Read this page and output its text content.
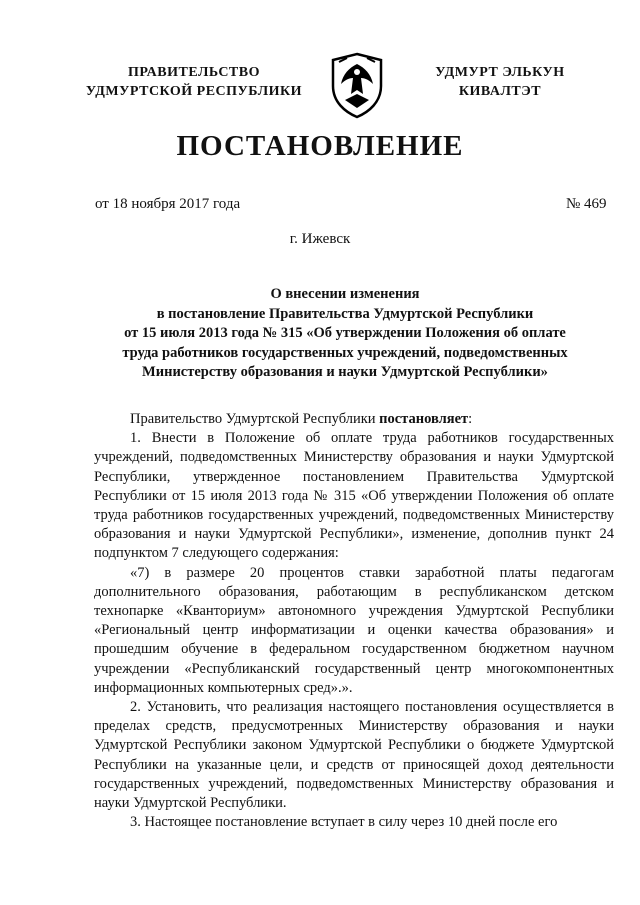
ПРАВИТЕЛЬСТВО
УДМУРТСКОЙ РЕСПУБЛИКИ
УДМУРТ ЭЛЬКУН
КИВАЛТЭТ
ПОСТАНОВЛЕНИЕ
от 18 ноября 2017 года	№ 469
г. Ижевск
О внесении изменения
в постановление Правительства Удмуртской Республики
от 15 июля 2013 года № 315 «Об утверждении Положения об оплате
труда работников государственных учреждений, подведомственных
Министерству образования и науки Удмуртской Республики»

Правительство Удмуртской Республики постановляет:

1. Внести в Положение об оплате труда работников государственных учреждений, подведомственных Министерству образования и науки Удмуртской Республики, утвержденное постановлением Правительства Удмуртской Республики от 15 июля 2013 года № 315 «Об утверждении Положения об оплате труда работников государственных учреждений, подведомственных Министерству образования и науки Удмуртской Республики», изменение, дополнив пункт 24 подпунктом 7 следующего содержания:

«7) в размере 20 процентов ставки заработной платы педагогам дополнительного образования, работающим в республиканском детском технопарке «Кванториум» автономного учреждения Удмуртской Республики «Региональный центр информатизации и оценки качества образования» и прошедшим обучение в федеральном государственном бюджетном научном учреждении «Республиканский государственный центр многокомпонентных информационных компьютерных сред».».

2. Установить, что реализация настоящего постановления осуществляется в пределах средств, предусмотренных Министерству образования и науки Удмуртской Республики законом Удмуртской Республики о бюджете Удмуртской Республики на указанные цели, и средств от приносящей доход деятельности государственных учреждений, подведомственных Министерству образования и науки Удмуртской Республики.

3. Настоящее постановление вступает в силу через 10 дней после его
